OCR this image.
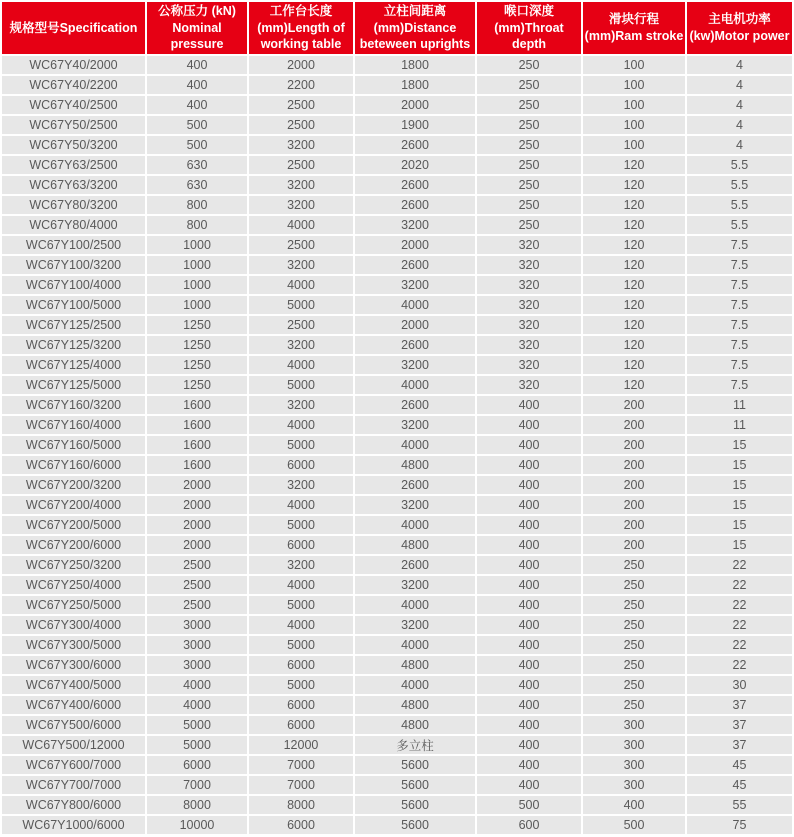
规格型号Specification	公称压力 (kN)
Nominal
pressure	工作台长度
(mm)Length of
working table	立柱间距离
(mm)Distance
beteween uprights	喉口深度
(mm)Throat
depth	滑块行程
(mm)Ram stroke	主电机功率
(kw)Motor power

WC67Y40/2000	400	2000	1800	250	100	4
WC67Y40/2200	400	2200	1800	250	100	4
WC67Y40/2500	400	2500	2000	250	100	4
WC67Y50/2500	500	2500	1900	250	100	4
WC67Y50/3200	500	3200	2600	250	100	4
WC67Y63/2500	630	2500	2020	250	120	5.5
WC67Y63/3200	630	3200	2600	250	120	5.5
WC67Y80/3200	800	3200	2600	250	120	5.5
WC67Y80/4000	800	4000	3200	250	120	5.5
WC67Y100/2500	1000	2500	2000	320	120	7.5
WC67Y100/3200	1000	3200	2600	320	120	7.5
WC67Y100/4000	1000	4000	3200	320	120	7.5
WC67Y100/5000	1000	5000	4000	320	120	7.5
WC67Y125/2500	1250	2500	2000	320	120	7.5
WC67Y125/3200	1250	3200	2600	320	120	7.5
WC67Y125/4000	1250	4000	3200	320	120	7.5
WC67Y125/5000	1250	5000	4000	320	120	7.5
WC67Y160/3200	1600	3200	2600	400	200	11
WC67Y160/4000	1600	4000	3200	400	200	11
WC67Y160/5000	1600	5000	4000	400	200	15
WC67Y160/6000	1600	6000	4800	400	200	15
WC67Y200/3200	2000	3200	2600	400	200	15
WC67Y200/4000	2000	4000	3200	400	200	15
WC67Y200/5000	2000	5000	4000	400	200	15
WC67Y200/6000	2000	6000	4800	400	200	15
WC67Y250/3200	2500	3200	2600	400	250	22
WC67Y250/4000	2500	4000	3200	400	250	22
WC67Y250/5000	2500	5000	4000	400	250	22
WC67Y300/4000	3000	4000	3200	400	250	22
WC67Y300/5000	3000	5000	4000	400	250	22
WC67Y300/6000	3000	6000	4800	400	250	22
WC67Y400/5000	4000	5000	4000	400	250	30
WC67Y400/6000	4000	6000	4800	400	250	37
WC67Y500/6000	5000	6000	4800	400	300	37
WC67Y500/12000	5000	12000	多立柱	400	300	37
WC67Y600/7000	6000	7000	5600	400	300	45
WC67Y700/7000	7000	7000	5600	400	300	45
WC67Y800/6000	8000	8000	5600	500	400	55
WC67Y1000/6000	10000	6000	5600	600	500	75
